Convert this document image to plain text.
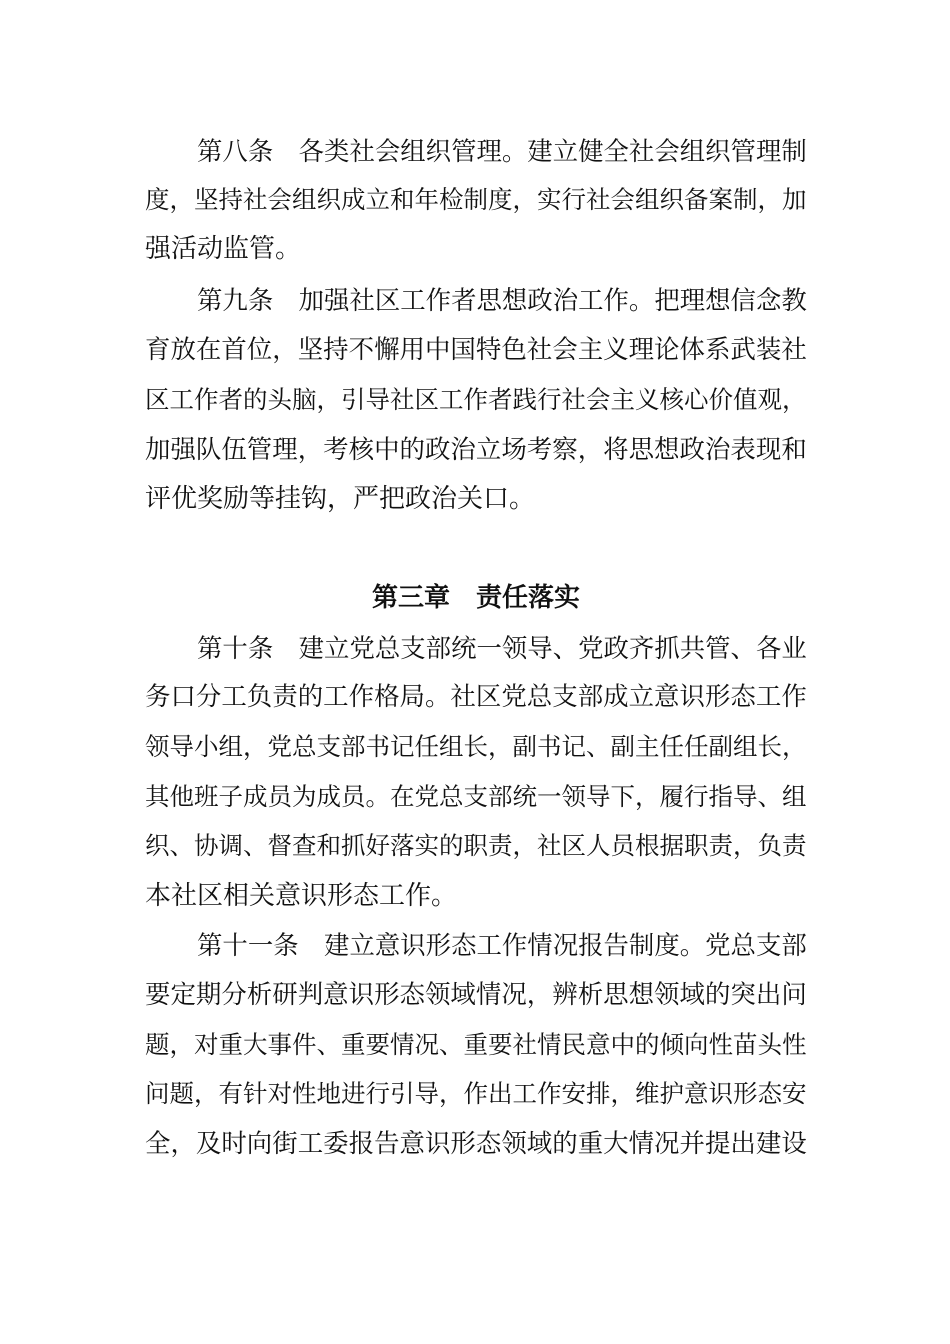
第八条　各类社会组织管理。建立健全社会组织管理制
度，坚持社会组织成立和年检制度，实行社会组织备案制，加
强活动监管。
第九条　加强社区工作者思想政治工作。把理想信念教
育放在首位，坚持不懈用中国特色社会主义理论体系武装社
区工作者的头脑，引导社区工作者践行社会主义核心价值观，
加强队伍管理，考核中的政治立场考察，将思想政治表现和
评优奖励等挂钩，严把政治关口。
第三章　责任落实
第十条　建立党总支部统一领导、党政齐抓共管、各业
务口分工负责的工作格局。社区党总支部成立意识形态工作
领导小组，党总支部书记任组长，副书记、副主任任副组长，
其他班子成员为成员。在党总支部统一领导下，履行指导、组
织、协调、督查和抓好落实的职责，社区人员根据职责，负责
本社区相关意识形态工作。
第十一条　建立意识形态工作情况报告制度。党总支部
要定期分析研判意识形态领域情况，辨析思想领域的突出问
题，对重大事件、重要情况、重要社情民意中的倾向性苗头性
问题，有针对性地进行引导，作出工作安排，维护意识形态安
全，及时向街工委报告意识形态领域的重大情况并提出建设
